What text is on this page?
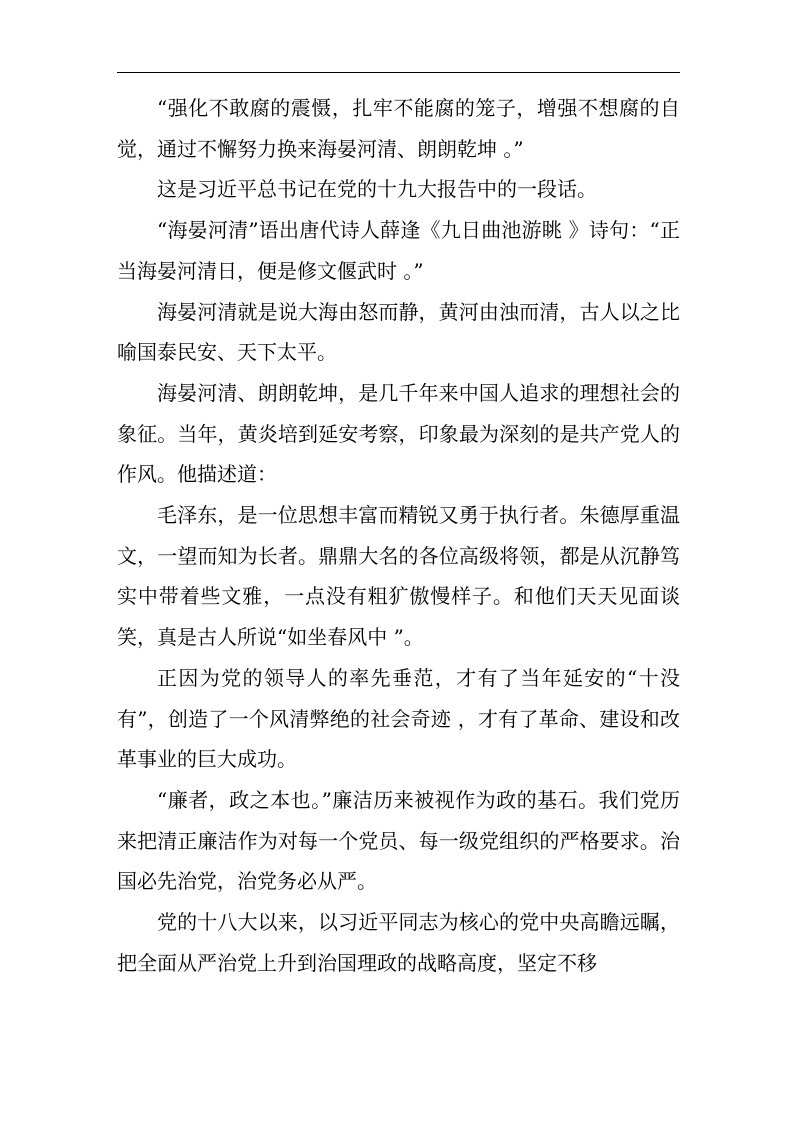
“强化不敢腐的震慑，扎牢不能腐的笼子，增强不想腐的自觉，通过不懈努力换来海晏河清、朗朗乾坤 。”

这是习近平总书记在党的十九大报告中的一段话。

“海晏河清”语出唐代诗人薛逢《九日曲池游眺 》诗句：“正当海晏河清日，便是修文偃武时 。”

海晏河清就是说大海由怒而静，黄河由浊而清，古人以之比喻国泰民安、天下太平。

海晏河清、朗朗乾坤，是几千年来中国人追求的理想社会的象征。当年，黄炎培到延安考察，印象最为深刻的是共产党人的作风。他描述道：

毛泽东，是一位思想丰富而精锐又勇于执行者。朱德厚重温文，一望而知为长者。鼎鼎大名的各位高级将领，都是从沉静笃实中带着些文雅，一点没有粗犷傲慢样子。和他们天天见面谈笑，真是古人所说“如坐春风中 ”。

正因为党的领导人的率先垂范，才有了当年延安的“十没有”，创造了一个风清弊绝的社会奇迹 ，才有了革命、建设和改革事业的巨大成功。

“廉者，政之本也。”廉洁历来被视作为政的基石。我们党历来把清正廉洁作为对每一个党员、每一级党组织的严格要求。治国必先治党，治党务必从严。

党的十八大以来，以习近平同志为核心的党中央高瞻远瞩，把全面从严治党上升到治国理政的战略高度，坚定不移
